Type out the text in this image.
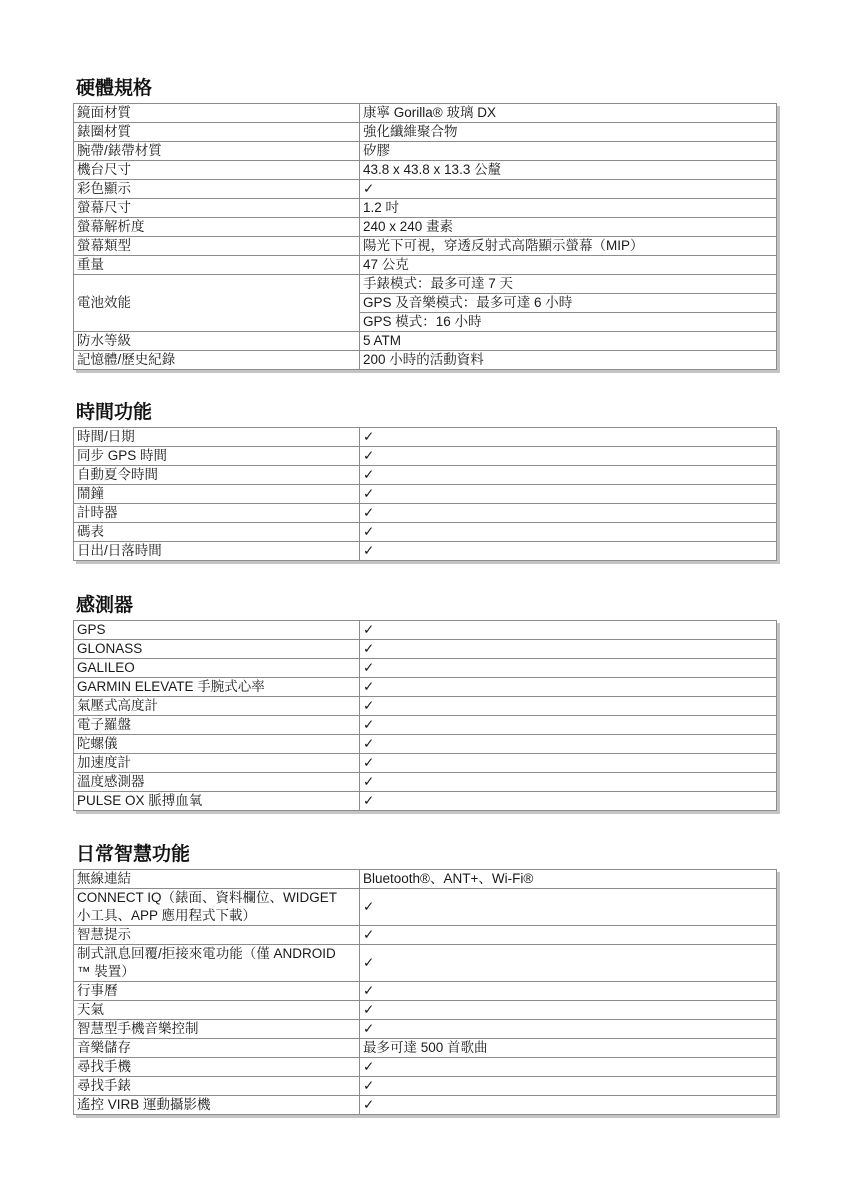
硬體規格
鏡面材質	康寧 Gorilla® 玻璃 DX
錶圈材質	強化纖維聚合物
腕帶/錶帶材質	矽膠
機台尺寸	43.8 x 43.8 x 13.3 公釐
彩色顯示	✓
螢幕尺寸	1.2 吋
螢幕解析度	240 x 240 畫素
螢幕類型	陽光下可視，穿透反射式高階顯示螢幕（MIP）
重量	47 公克
電池效能	手錶模式：最多可達 7 天
	GPS 及音樂模式：最多可達 6 小時
	GPS 模式：16 小時
防水等級	5 ATM
記憶體/歷史紀錄	200 小時的活動資料
時間功能
時間/日期	✓
同步 GPS 時間	✓
自動夏令時間	✓
鬧鐘	✓
計時器	✓
碼表	✓
日出/日落時間	✓
感測器
GPS	✓
GLONASS	✓
GALILEO	✓
GARMIN ELEVATE 手腕式心率	✓
氣壓式高度計	✓
電子羅盤	✓
陀螺儀	✓
加速度計	✓
溫度感測器	✓
PULSE OX 脈搏血氧	✓
日常智慧功能
無線連結	Bluetooth®、ANT+、Wi-Fi®

CONNECT IQ（錶面、資料欄位、WIDGET
小工具、APP 應用程式下載）	✓
智慧提示	✓

制式訊息回覆/拒接來電功能（僅 ANDROID
™ 裝置）	✓
行事曆	✓
天氣	✓
智慧型手機音樂控制	✓
音樂儲存	最多可達 500 首歌曲
尋找手機	✓
尋找手錶	✓
遙控 VIRB 運動攝影機	✓
